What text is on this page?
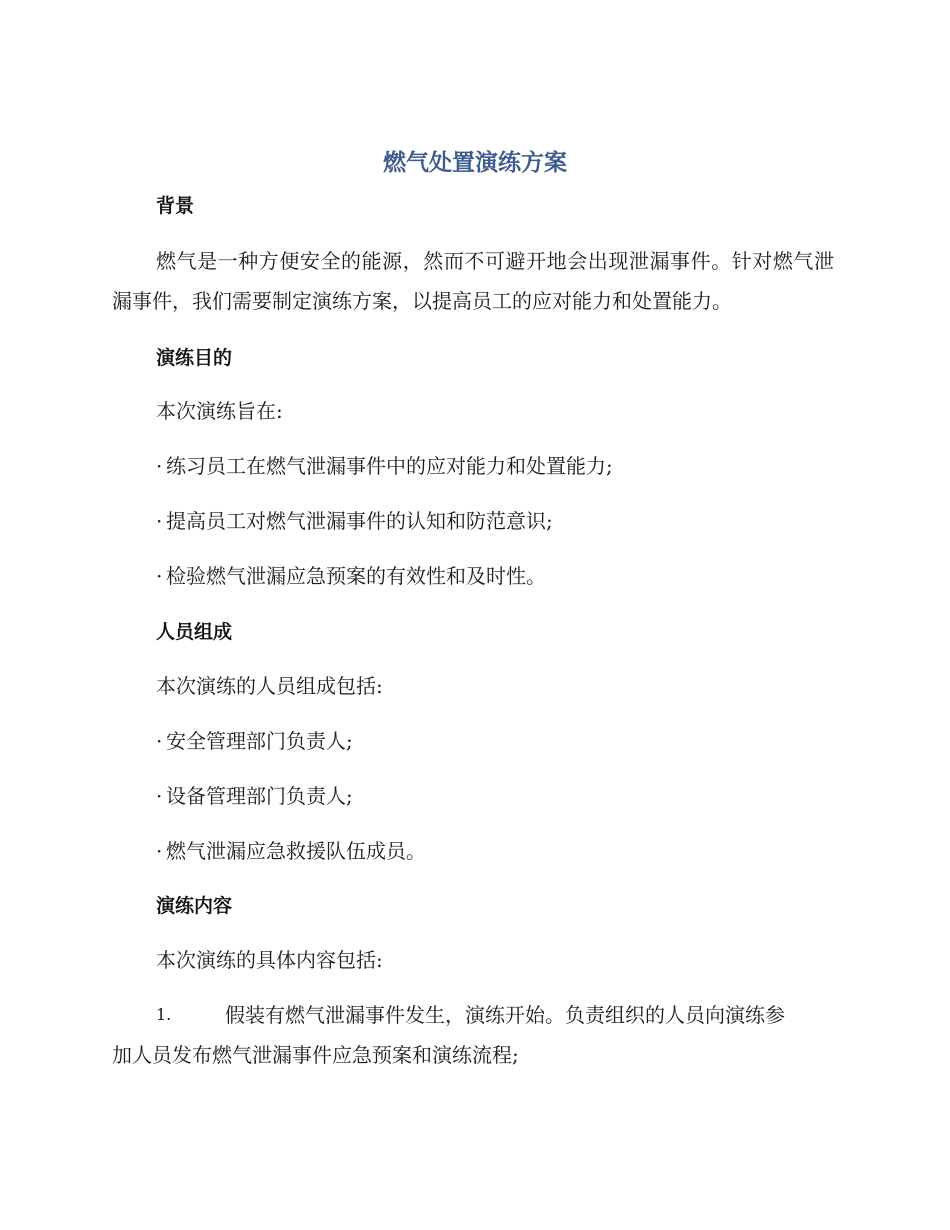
燃气处置演练方案
背景

燃气是一种方便安全的能源，然而不可避开地会出现泄漏事件。针对燃气泄漏事件，我们需要制定演练方案，以提高员工的应对能力和处置能力。

演练目的

本次演练旨在:

· 练习员工在燃气泄漏事件中的应对能力和处置能力;

· 提高员工对燃气泄漏事件的认知和防范意识;

· 检验燃气泄漏应急预案的有效性和及时性。

人员组成

本次演练的人员组成包括:

· 安全管理部门负责人;

· 设备管理部门负责人;

· 燃气泄漏应急救援队伍成员。

演练内容

本次演练的具体内容包括:

1.	假装有燃气泄漏事件发生，演练开始。负责组织的人员向演练参
加人员发布燃气泄漏事件应急预案和演练流程;
